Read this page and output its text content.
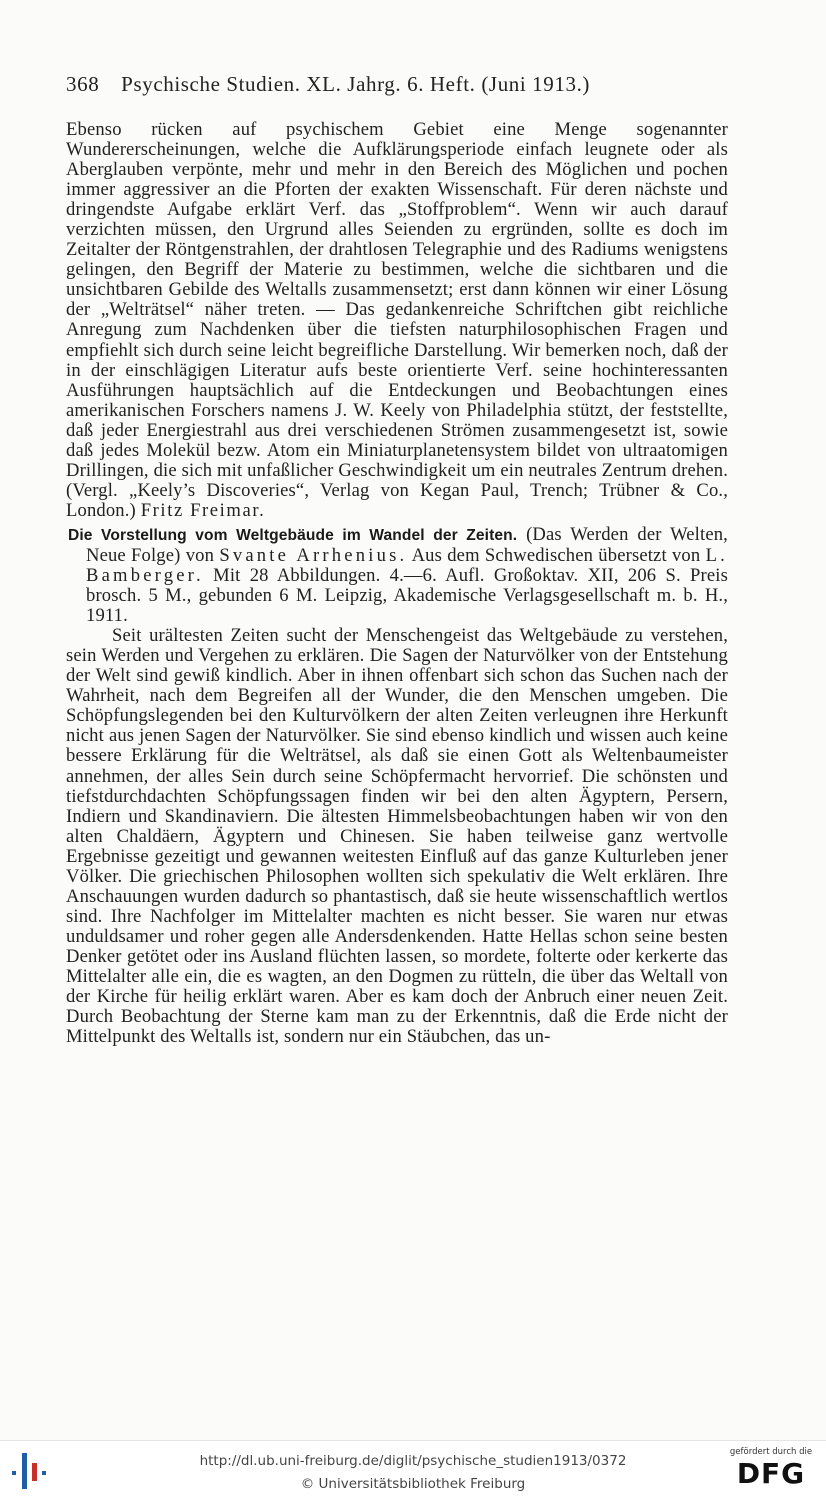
368 Psychische Studien. XL. Jahrg. 6. Heft. (Juni 1913.)

Ebenso rücken auf psychischem Gebiet eine Menge sogenannter Wundererscheinungen, welche die Aufklärungsperiode einfach leugnete oder als Aberglauben verpönte, mehr und mehr in den Bereich des Möglichen und pochen immer aggressiver an die Pforten der exakten Wissenschaft. Für deren nächste und dringendste Aufgabe erklärt Verf. das „Stoffproblem“. Wenn wir auch darauf verzichten müssen, den Urgrund alles Seienden zu ergründen, sollte es doch im Zeitalter der Röntgenstrahlen, der drahtlosen Telegraphie und des Radiums wenigstens gelingen, den Begriff der Materie zu bestimmen, welche die sichtbaren und die unsichtbaren Gebilde des Weltalls zusammensetzt; erst dann können wir einer Lösung der „Welträtsel“ näher treten. — Das gedankenreiche Schriftchen gibt reichliche Anregung zum Nachdenken über die tiefsten naturphilosophischen Fragen und empfiehlt sich durch seine leicht begreifliche Darstellung. Wir bemerken noch, daß der in der einschlägigen Literatur aufs beste orientierte Verf. seine hochinteressanten Ausführungen hauptsächlich auf die Entdeckungen und Beobachtungen eines amerikanischen Forschers namens J. W. Keely von Philadelphia stützt, der feststellte, daß jeder Energiestrahl aus drei verschiedenen Strömen zusammengesetzt ist, sowie daß jedes Molekül bezw. Atom ein Miniaturplanetensystem bildet von ultraatomigen Drillingen, die sich mit unfaßlicher Geschwindigkeit um ein neutrales Zentrum drehen. (Vergl. „Keely’s Discoveries“, Verlag von Kegan Paul, Trench; Trübner & Co., London.) Fritz Freimar.

Die Vorstellung vom Weltgebäude im Wandel der Zeiten. (Das Werden der Welten, Neue Folge) von Svante Arrhenius. Aus dem Schwedischen übersetzt von L. Bamberger. Mit 28 Abbildungen. 4.—6. Aufl. Großoktav. XII, 206 S. Preis brosch. 5 M., gebunden 6 M. Leipzig, Akademische Verlagsgesellschaft m. b. H., 1911.

Seit urältesten Zeiten sucht der Menschengeist das Weltgebäude zu verstehen, sein Werden und Vergehen zu erklären. Die Sagen der Naturvölker von der Entstehung der Welt sind gewiß kindlich. Aber in ihnen offenbart sich schon das Suchen nach der Wahrheit, nach dem Begreifen all der Wunder, die den Menschen umgeben. Die Schöpfungslegenden bei den Kulturvölkern der alten Zeiten verleugnen ihre Herkunft nicht aus jenen Sagen der Naturvölker. Sie sind ebenso kindlich und wissen auch keine bessere Erklärung für die Welträtsel, als daß sie einen Gott als Weltenbaumeister annehmen, der alles Sein durch seine Schöpfermacht hervorrief. Die schönsten und tiefstdurchdachten Schöpfungssagen finden wir bei den alten Ägyptern, Persern, Indiern und Skandinaviern. Die ältesten Himmelsbeobachtungen haben wir von den alten Chaldäern, Ägyptern und Chinesen. Sie haben teilweise ganz wertvolle Ergebnisse gezeitigt und gewannen weitesten Einfluß auf das ganze Kulturleben jener Völker. Die griechischen Philosophen wollten sich spekulativ die Welt erklären. Ihre Anschauungen wurden dadurch so phantastisch, daß sie heute wissenschaftlich wertlos sind. Ihre Nachfolger im Mittelalter machten es nicht besser. Sie waren nur etwas unduldsamer und roher gegen alle Andersdenkenden. Hatte Hellas schon seine besten Denker getötet oder ins Ausland flüchten lassen, so mordete, folterte oder kerkerte das Mittelalter alle ein, die es wagten, an den Dogmen zu rütteln, die über das Weltall von der Kirche für heilig erklärt waren. Aber es kam doch der Anbruch einer neuen Zeit. Durch Beobachtung der Sterne kam man zu der Erkenntnis, daß die Erde nicht der Mittelpunkt des Weltalls ist, sondern nur ein Stäubchen, das un-

http://dl.ub.uni-freiburg.de/diglit/psychische_studien1913/0372
© Universitätsbibliothek Freiburg
gefördert durch die
DFG
